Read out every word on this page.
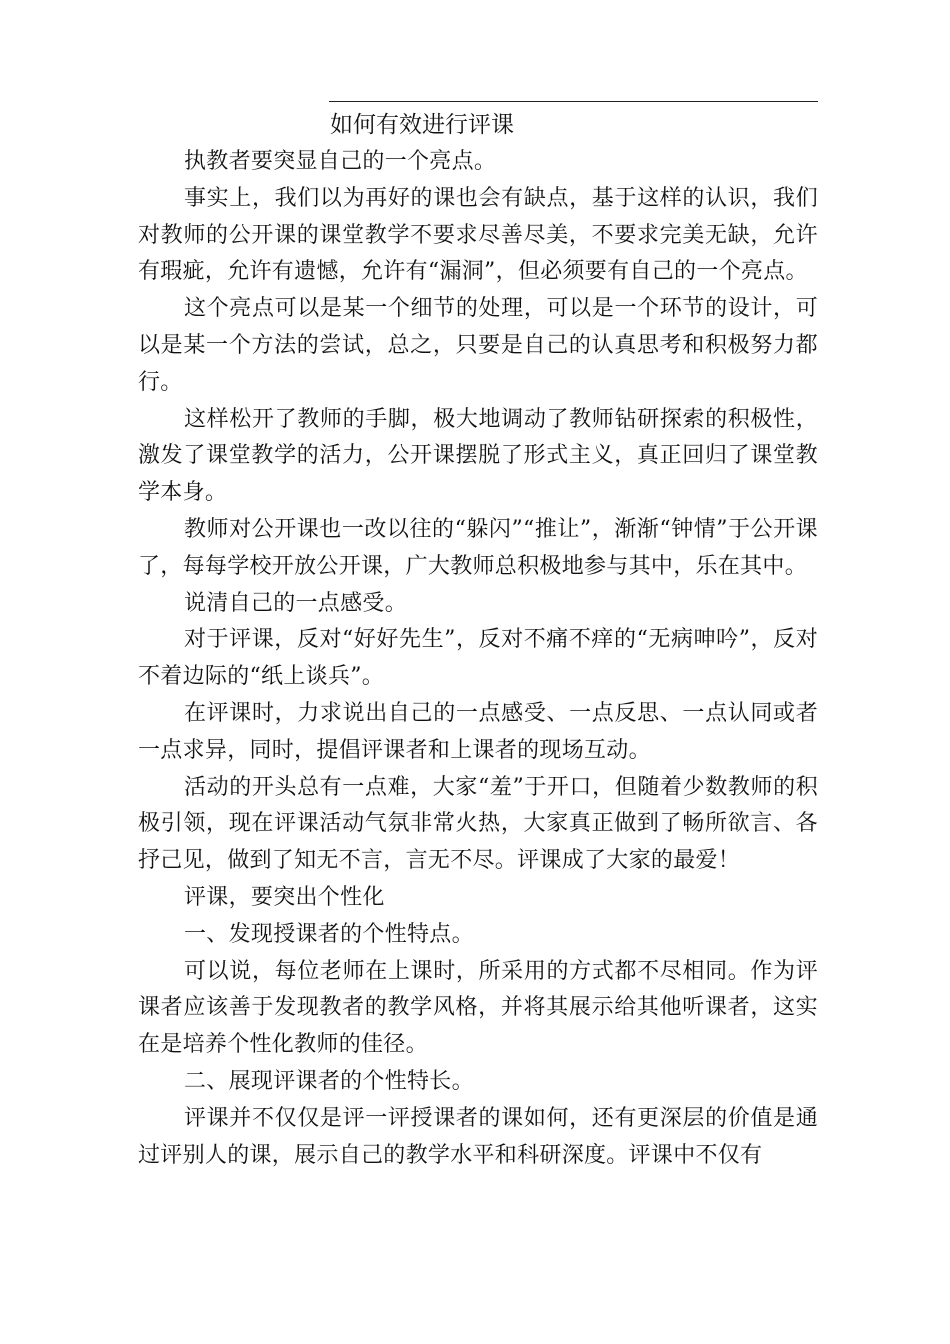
如何有效进行评课

执教者要突显自己的一个亮点。

事实上，我们以为再好的课也会有缺点，基于这样的认识，我们对教师的公开课的课堂教学不要求尽善尽美，不要求完美无缺，允许有瑕疵，允许有遗憾，允许有“漏洞”，但必须要有自己的一个亮点。

这个亮点可以是某一个细节的处理，可以是一个环节的设计，可以是某一个方法的尝试，总之，只要是自己的认真思考和积极努力都行。

这样松开了教师的手脚，极大地调动了教师钻研探索的积极性，激发了课堂教学的活力，公开课摆脱了形式主义，真正回归了课堂教学本身。

教师对公开课也一改以往的“躲闪”“推让”，渐渐“钟情”于公开课了，每每学校开放公开课，广大教师总积极地参与其中，乐在其中。

说清自己的一点感受。

对于评课，反对“好好先生”，反对不痛不痒的“无病呻吟”，反对不着边际的“纸上谈兵”。

在评课时，力求说出自己的一点感受、一点反思、一点认同或者一点求异，同时，提倡评课者和上课者的现场互动。

活动的开头总有一点难，大家“羞”于开口，但随着少数教师的积极引领，现在评课活动气氛非常火热，大家真正做到了畅所欲言、各抒己见，做到了知无不言，言无不尽。评课成了大家的最爱！

评课，要突出个性化

一、发现授课者的个性特点。

可以说，每位老师在上课时，所采用的方式都不尽相同。作为评课者应该善于发现教者的教学风格，并将其展示给其他听课者，这实在是培养个性化教师的佳径。

二、展现评课者的个性特长。

评课并不仅仅是评一评授课者的课如何，还有更深层的价值是通过评别人的课，展示自己的教学水平和科研深度。评课中不仅有
